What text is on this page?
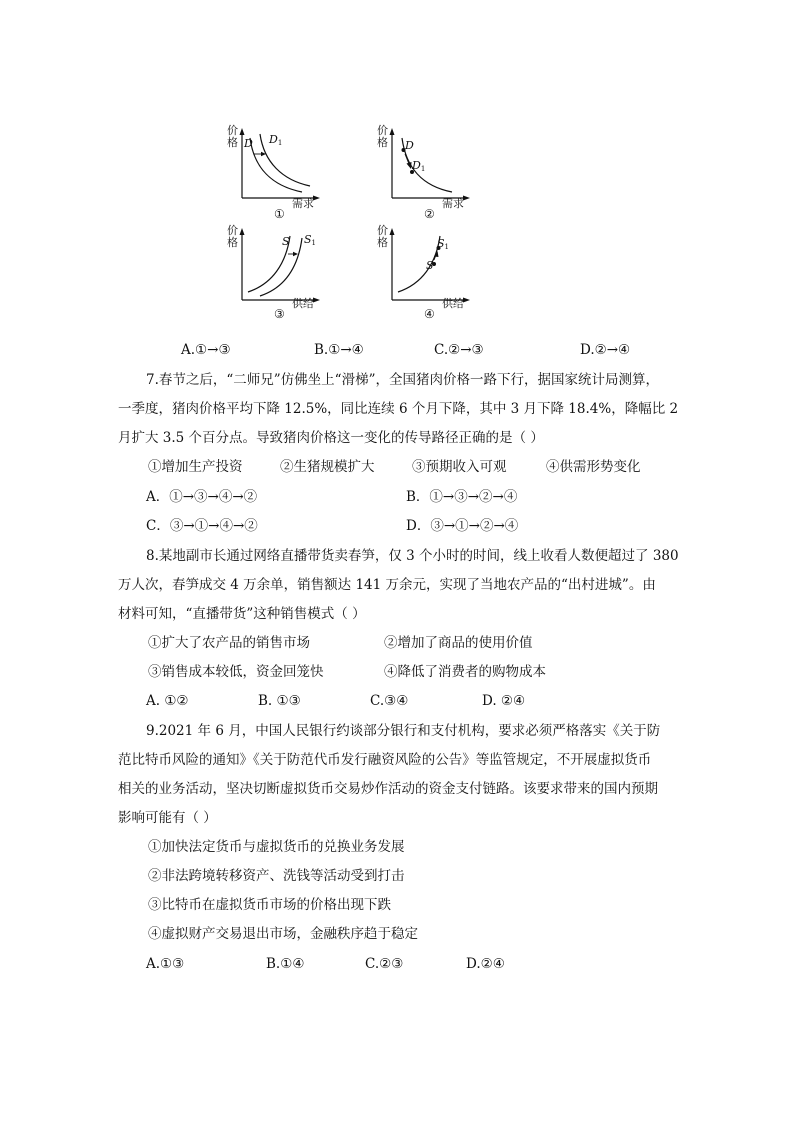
价格
需求
①
D D1
价格
需求
②
D
D1
价格
供给
③
S S1
价格
供给
④
S
S1
A.①→③	B.①→④	C.②→③	D.②→④
7.春节之后，“二师兄”仿佛坐上“滑梯”，全国猪肉价格一路下行，据国家统计局测算，
一季度，猪肉价格平均下降 12.5%，同比连续 6 个月下降，其中 3 月下降 18.4%，降幅比 2
月扩大 3.5 个百分点。导致猪肉价格这一变化的传导路径正确的是（ ）
①增加生产投资	②生猪规模扩大	③预期收入可观	④供需形势变化
A．①→③→④→②	B．①→③→②→④
C．③→①→④→②	D．③→①→②→④
8.某地副市长通过网络直播带货卖春笋，仅 3 个小时的时间，线上收看人数便超过了 380
万人次，春笋成交 4 万余单，销售额达 141 万余元，实现了当地农产品的“出村进城”。由
材料可知，“直播带货”这种销售模式（ ）
①扩大了农产品的销售市场	②增加了商品的使用价值
③销售成本较低，资金回笼快	④降低了消费者的购物成本
A. ①②	B. ①③	C.③④	D. ②④
9.2021 年 6 月，中国人民银行约谈部分银行和支付机构，要求必须严格落实《关于防
范比特币风险的通知》《关于防范代币发行融资风险的公告》等监管规定，不开展虚拟货币
相关的业务活动，坚决切断虚拟货币交易炒作活动的资金支付链路。该要求带来的国内预期
影响可能有（ ）
①加快法定货币与虚拟货币的兑换业务发展
②非法跨境转移资产、洗钱等活动受到打击
③比特币在虚拟货币市场的价格出现下跌
④虚拟财产交易退出市场，金融秩序趋于稳定
A.①③	B.①④	C.②③	D.②④
